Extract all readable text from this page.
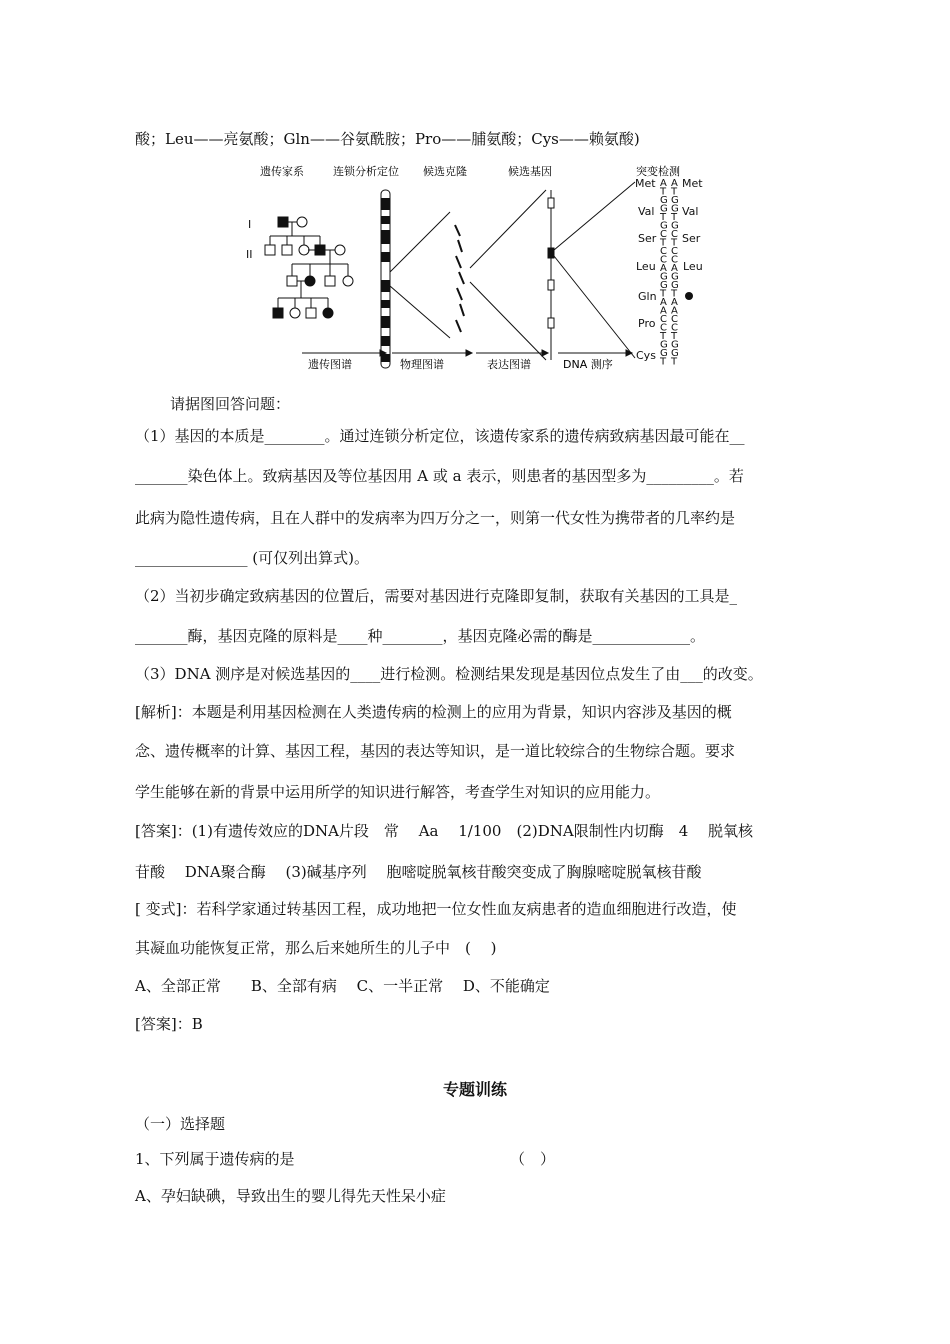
酸；Leu——亮氨酸；Gln——谷氨酰胺；Pro——脯氨酸；Cys——赖氨酸)
遗传家系	连锁分析定位 候选克隆	候选基因	突变检测
I
II
Met
Val
Ser
Leu
Gln
Pro
Cys
Met
Val
Ser
Leu
A
T
G
G
T
G
C
T
C
C
A
G
G
T
A
A
C
C
T
G
G
T
A
T
G
G
T
G
C
T
C
C
A
G
G
T
A
A
C
C
T
G
G
T
遗传图谱	物理图谱	表达图谱	DNA 测序
请据图回答问题：
（1）基因的本质是________。通过连锁分析定位，该遗传家系的遗传病致病基因最可能在__
_______染色体上。致病基因及等位基因用 A 或 a 表示，则患者的基因型多为_________。若
此病为隐性遗传病，且在人群中的发病率为四万分之一，则第一代女性为携带者的几率约是
_______________ (可仅列出算式)。
（2）当初步确定致病基因的位置后，需要对基因进行克隆即复制，获取有关基因的工具是_
_______酶，基因克隆的原料是____种________，基因克隆必需的酶是_____________。
（3）DNA 测序是对候选基因的____进行检测。检测结果发现是基因位点发生了由___的改变。
[解析]：本题是利用基因检测在人类遗传病的检测上的应用为背景，知识内容涉及基因的概
念、遗传概率的计算、基因工程，基因的表达等知识，是一道比较综合的生物综合题。要求
学生能够在新的背景中运用所学的知识进行解答，考查学生对知识的应用能力。
[答案]：(1)有遗传效应的DNA片段　常　 Aa　 1/100　(2)DNA限制性内切酶　4　 脱氧核
苷酸　 DNA聚合酶　 (3)碱基序列　 胞嘧啶脱氧核苷酸突变成了胸腺嘧啶脱氧核苷酸
[ 变式]：若科学家通过转基因工程，成功地把一位女性血友病患者的造血细胞进行改造，使
其凝血功能恢复正常，那么后来她所生的儿子中　(　 )
A、全部正常　　B、全部有病　 C、一半正常　 D、不能确定
[答案]：B
专题训练
（一）选择题
1、下列属于遗传病的是	（　）
A、孕妇缺碘，导致出生的婴儿得先天性呆小症
